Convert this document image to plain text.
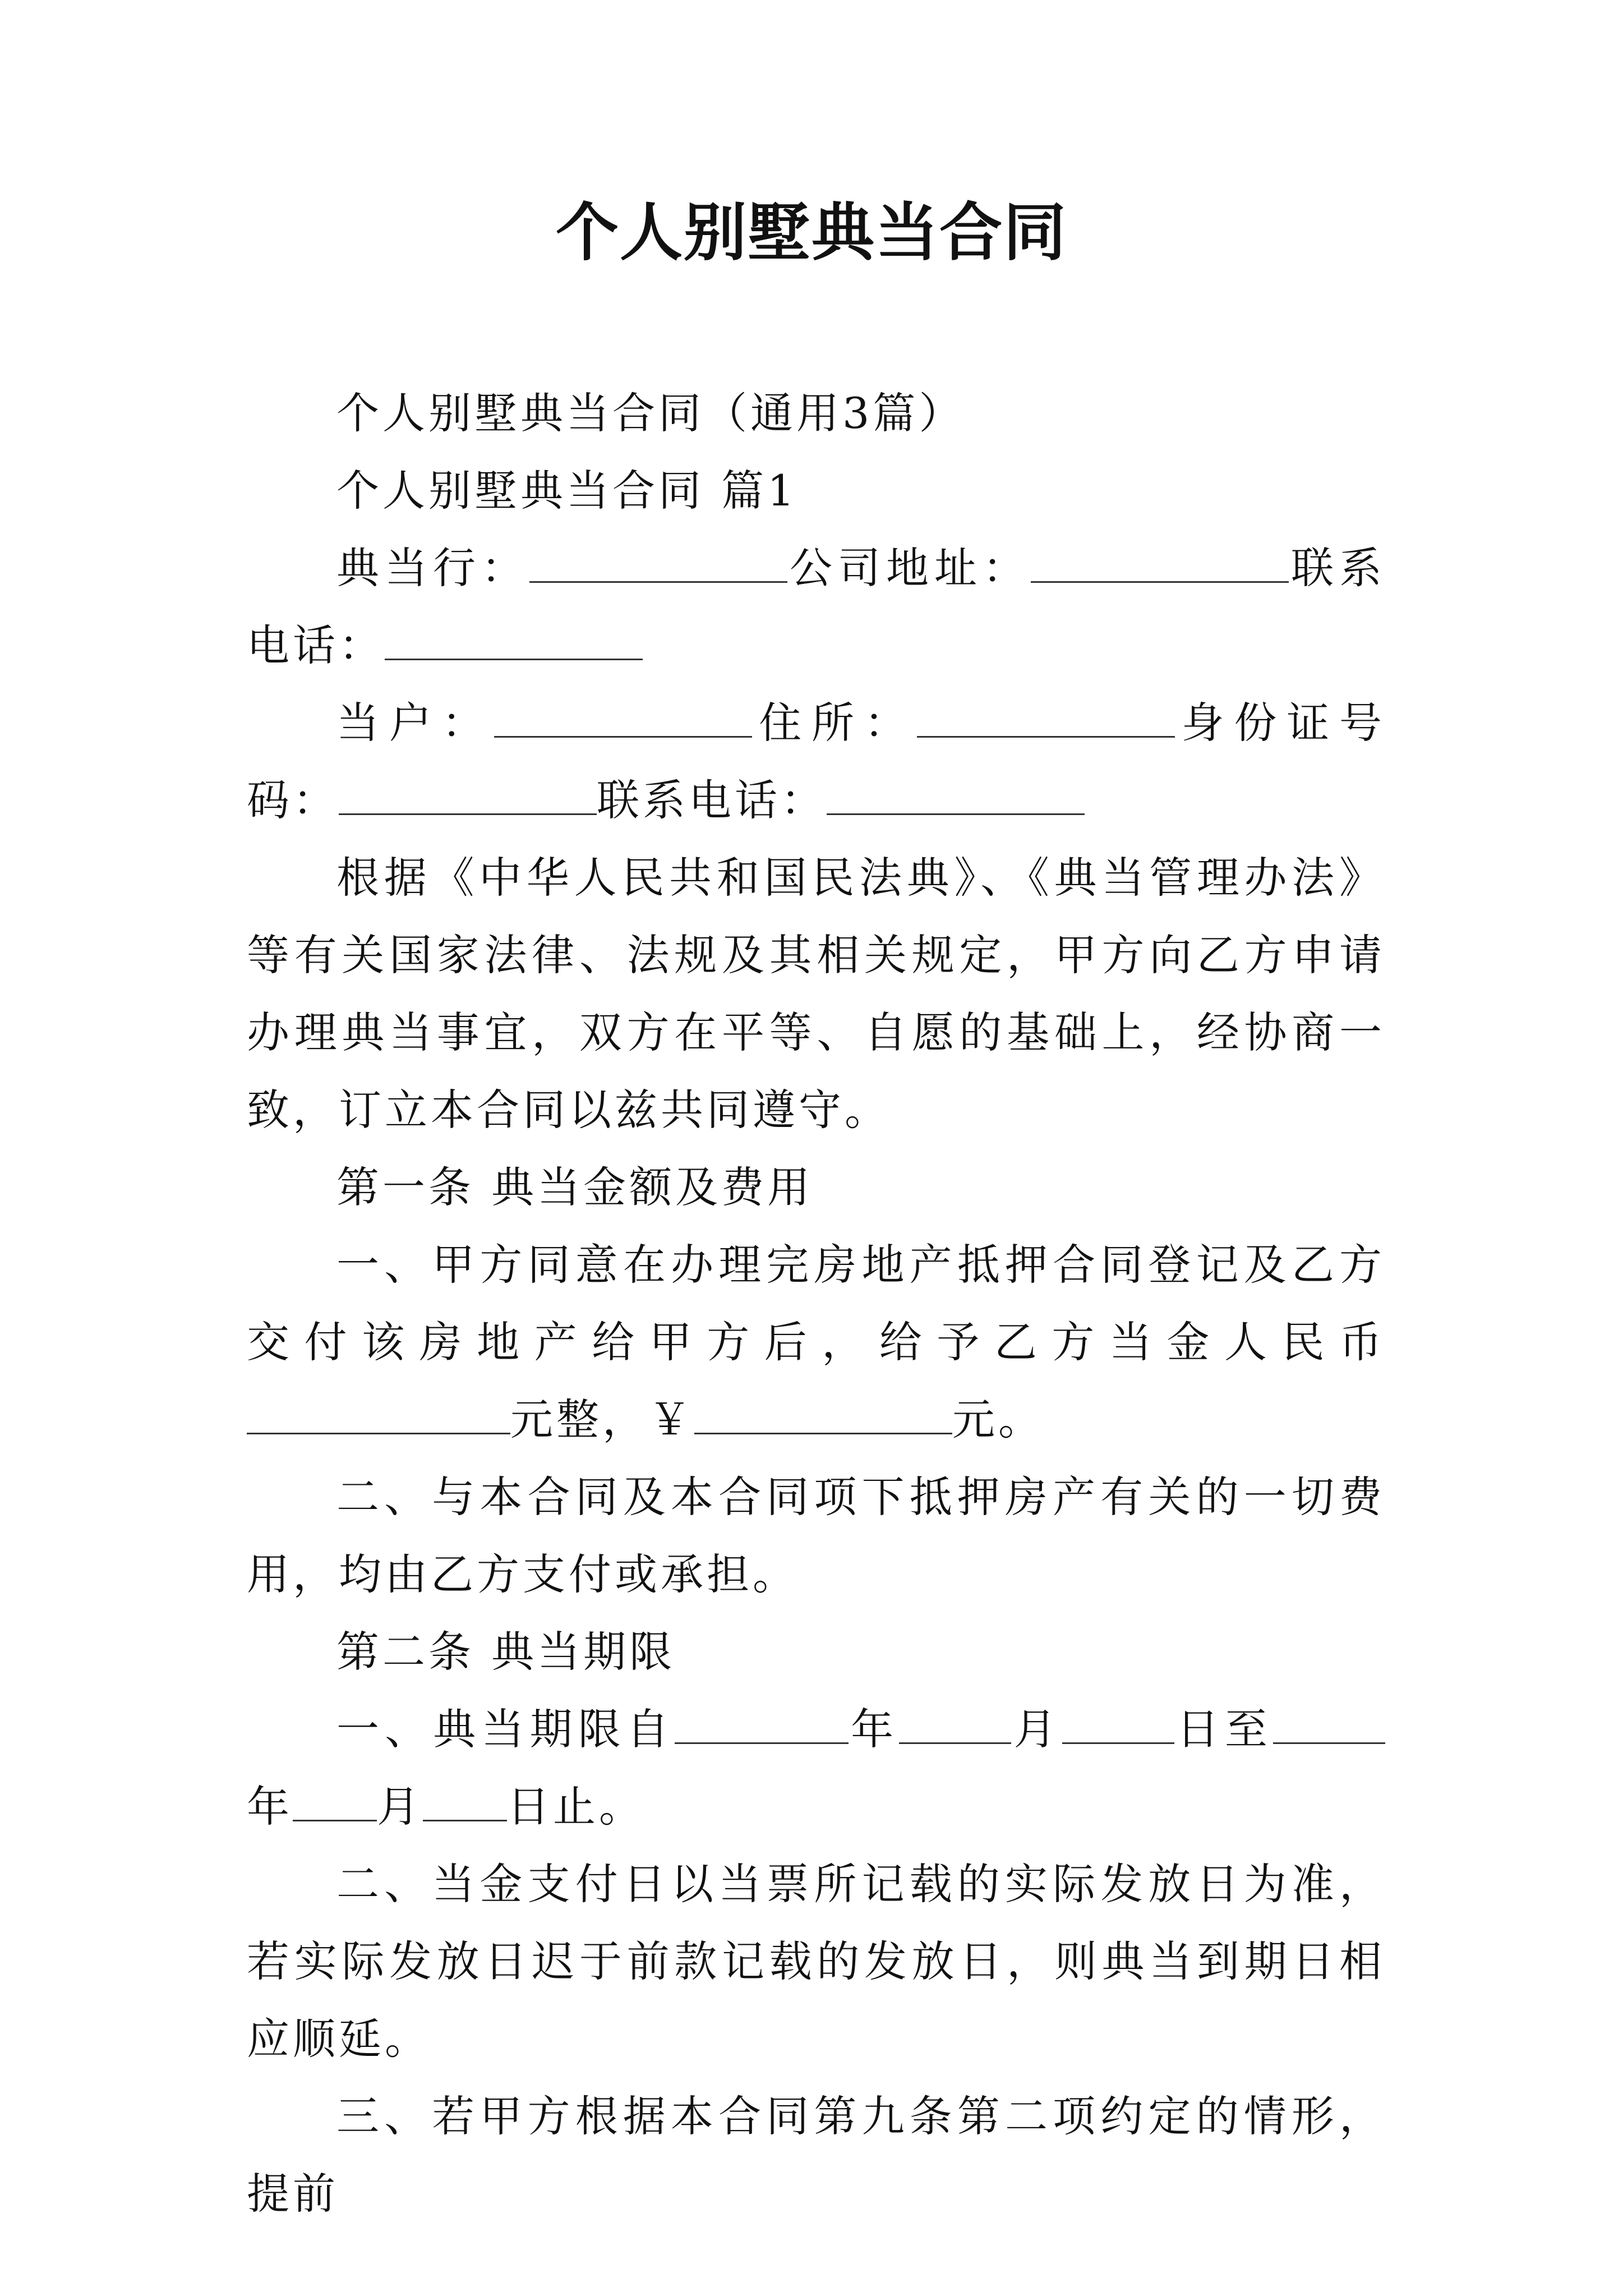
个人别墅典当合同

个人别墅典当合同（通用3篇）

个人别墅典当合同 篇1

典当行：	公司地址：	联系电话：

当户：	住所：	身份证号码：	联系电话：

根据《中华人民共和国民法典》、《典当管理办法》等有关国家法律、法规及其相关规定，甲方向乙方申请办理典当事宜，双方在平等、自愿的基础上，经协商一致，订立本合同以兹共同遵守。

第一条 典当金额及费用

一、甲方同意在办理完房地产抵押合同登记及乙方交付该房地产给甲方后，给予乙方当金人民币元整，￥	元。

二、与本合同及本合同项下抵押房产有关的一切费用，均由乙方支付或承担。

第二条 典当期限

一、典当期限自	年	月	日至年 月 日止。

二、当金支付日以当票所记载的实际发放日为准，若实际发放日迟于前款记载的发放日，则典当到期日相应顺延。

三、若甲方根据本合同第九条第二项约定的情形，提前
